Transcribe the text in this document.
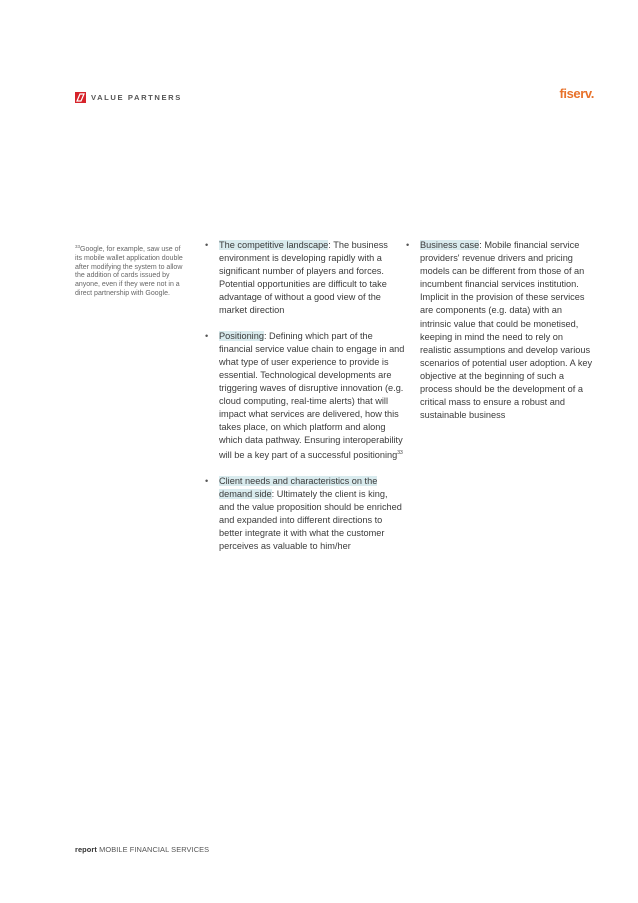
VALUE PARTNERS	fiserv.
$^{33}$Google, for example, saw use of its mobile wallet application double after modifying the system to allow the addition of cards issued by anyone, even if they were not in a direct partnership with Google.
•	The competitive landscape: The business environment is developing rapidly with a significant number of players and forces. Potential opportunities are difficult to take advantage of without a good view of the market direction
•	Positioning: Defining which part of the financial service value chain to engage in and what type of user experience to provide is essential. Technological developments are triggering waves of disruptive innovation (e.g. cloud computing, real-time alerts) that will impact what services are delivered, how this takes place, on which platform and along which data pathway. Ensuring interoperability will be a key part of a successful positioning$^{33}$
•	Client needs and characteristics on the demand side: Ultimately the client is king, and the value proposition should be enriched and expanded into different directions to better integrate it with what the customer perceives as valuable to him/her
•	Business case: Mobile financial service providers' revenue drivers and pricing models can be different from those of an incumbent financial services institution. Implicit in the provision of these services are components (e.g. data) with an intrinsic value that could be monetised, keeping in mind the need to rely on realistic assumptions and develop various scenarios of potential user adoption. A key objective at the beginning of such a process should be the development of a critical mass to ensure a robust and sustainable business
report MOBILE FINANCIAL SERVICES
